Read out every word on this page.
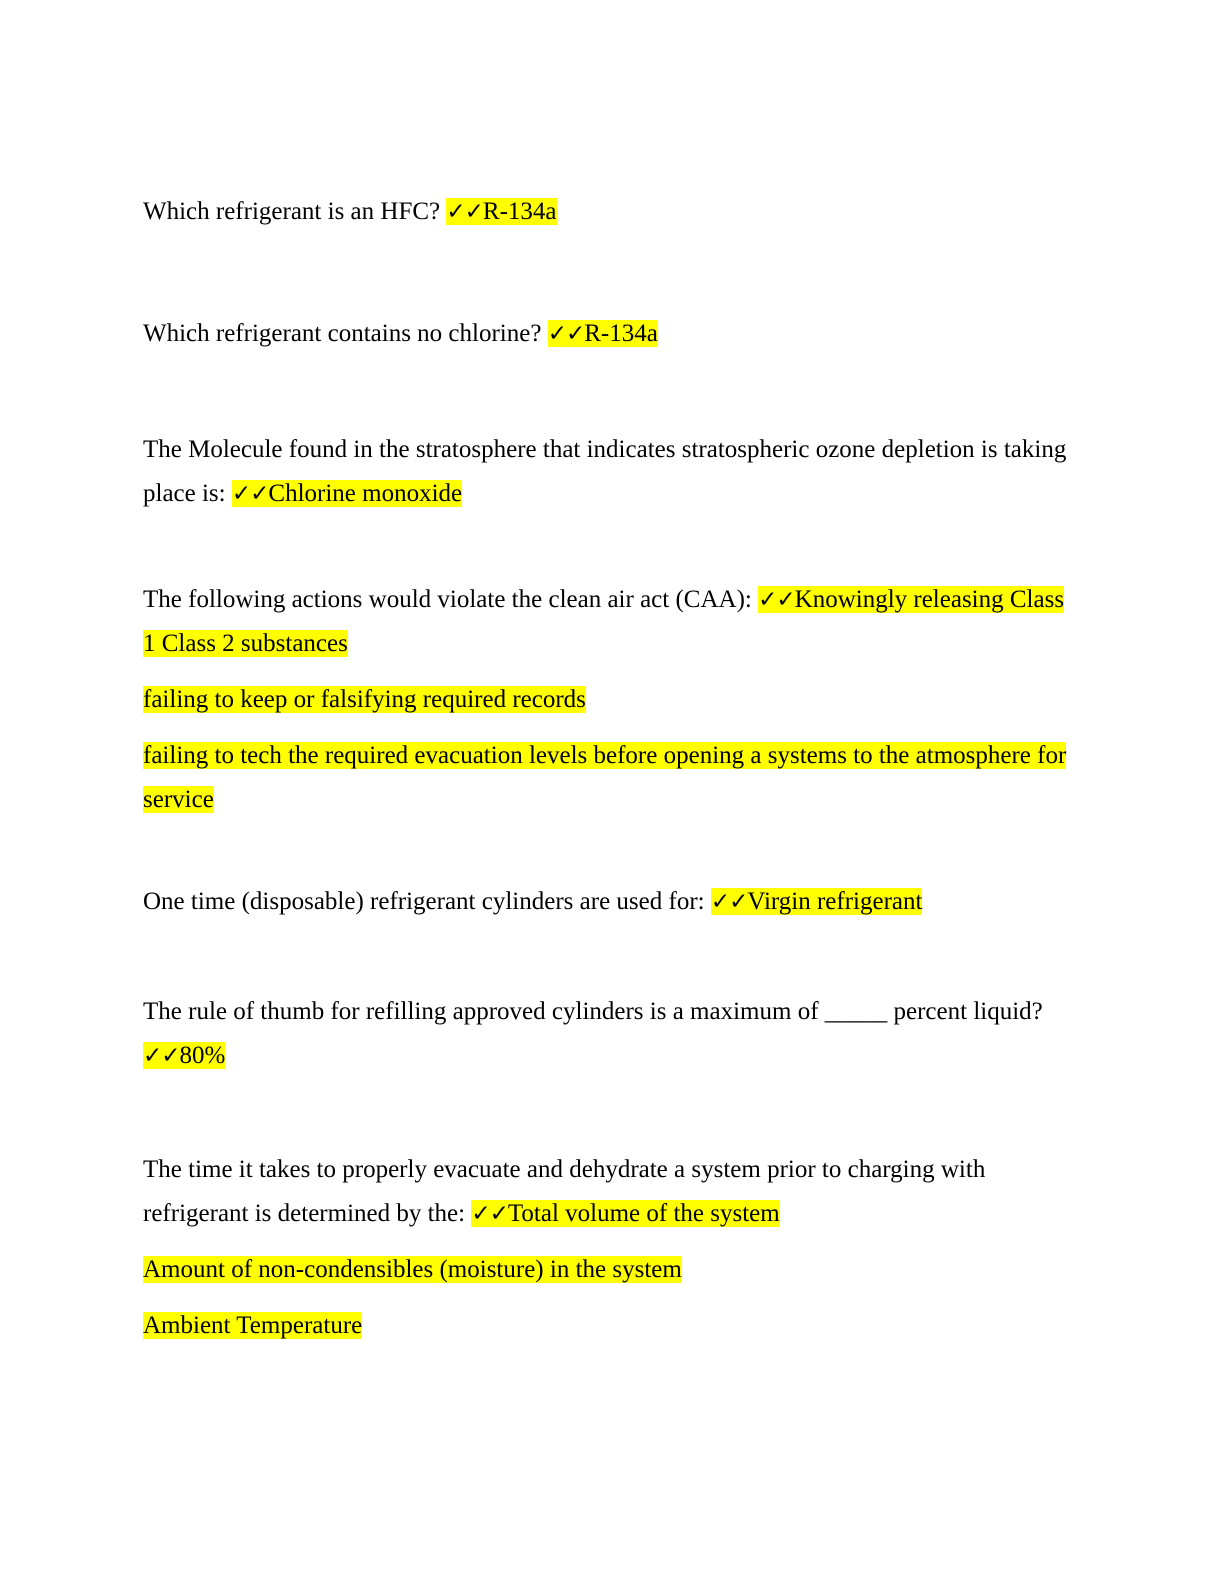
Which refrigerant is an HFC? ✓✓R-134a

Which refrigerant contains no chlorine? ✓✓R-134a

The Molecule found in the stratosphere that indicates stratospheric ozone depletion is taking place is: ✓✓Chlorine monoxide

The following actions would violate the clean air act (CAA): ✓✓Knowingly releasing Class 1 Class 2 substances

failing to keep or falsifying required records

failing to tech the required evacuation levels before opening a systems to the atmosphere for service

One time (disposable) refrigerant cylinders are used for: ✓✓Virgin refrigerant

The rule of thumb for refilling approved cylinders is a maximum of _____ percent liquid?

✓✓80%

The time it takes to properly evacuate and dehydrate a system prior to charging with refrigerant is determined by the: ✓✓Total volume of the system

Amount of non-condensibles (moisture) in the system

Ambient Temperature
